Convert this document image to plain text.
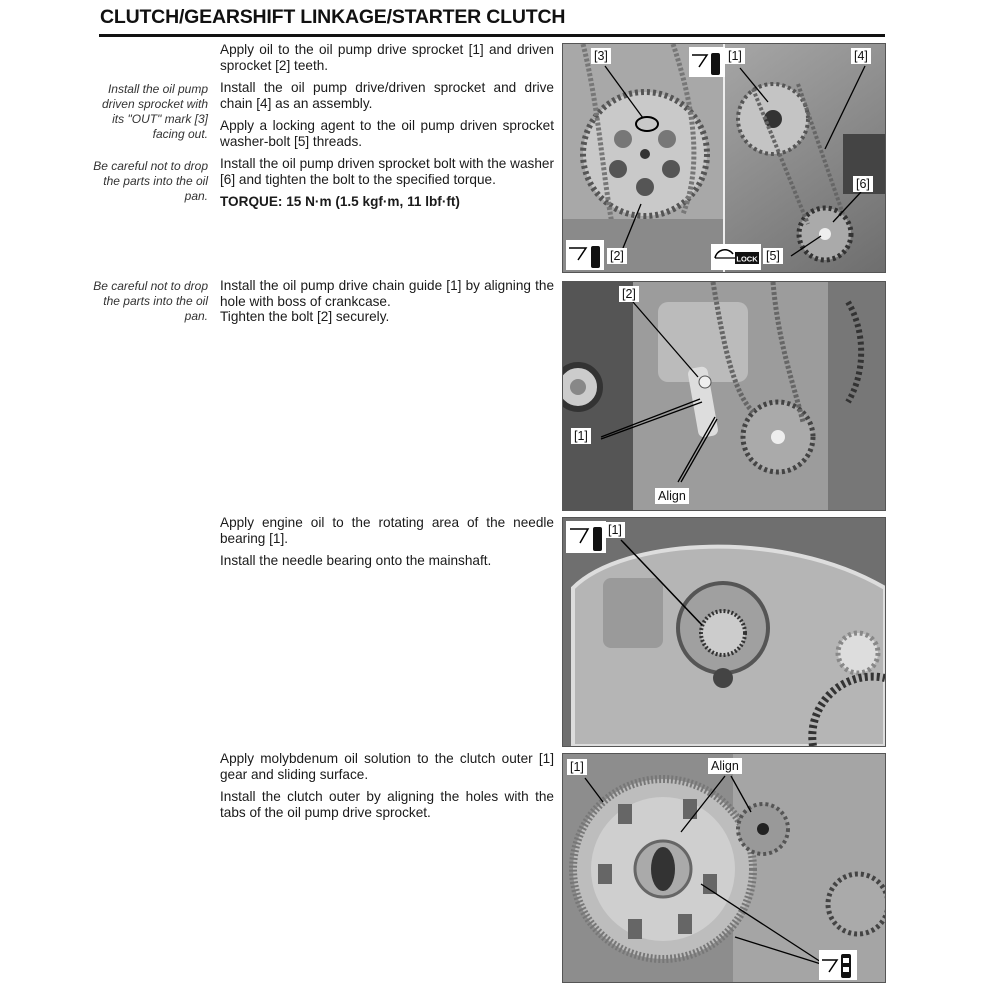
CLUTCH/GEARSHIFT LINKAGE/STARTER CLUTCH
Install the oil pump driven sprocket with its "OUT" mark [3] facing out.
Be careful not to drop the parts into the oil pan.

Apply oil to the oil pump drive sprocket [1] and driven sprocket [2] teeth.

Install the oil pump drive/driven sprocket and drive chain [4] as an assembly.

Apply a locking agent to the oil pump driven sprocket washer-bolt [5] threads.

Install the oil pump driven sprocket bolt with the washer [6] and tighten the bolt to the specified torque.

TORQUE: 15 N·m (1.5 kgf·m, 11 lbf·ft)

[3]	[1]	[4]
[6]
[2]	[5]
LOCK
Be careful not to drop the parts into the oil pan.

Install the oil pump drive chain guide [1] by aligning the hole with boss of crankcase.

Tighten the bolt [2] securely.

[2]
[1]
Align

Apply engine oil to the rotating area of the needle bearing [1].

Install the needle bearing onto the mainshaft.

[1]

Apply molybdenum oil solution to the clutch outer [1] gear and sliding surface.

Install the clutch outer by aligning the holes with the tabs of the oil pump drive sprocket.

[1]	Align
